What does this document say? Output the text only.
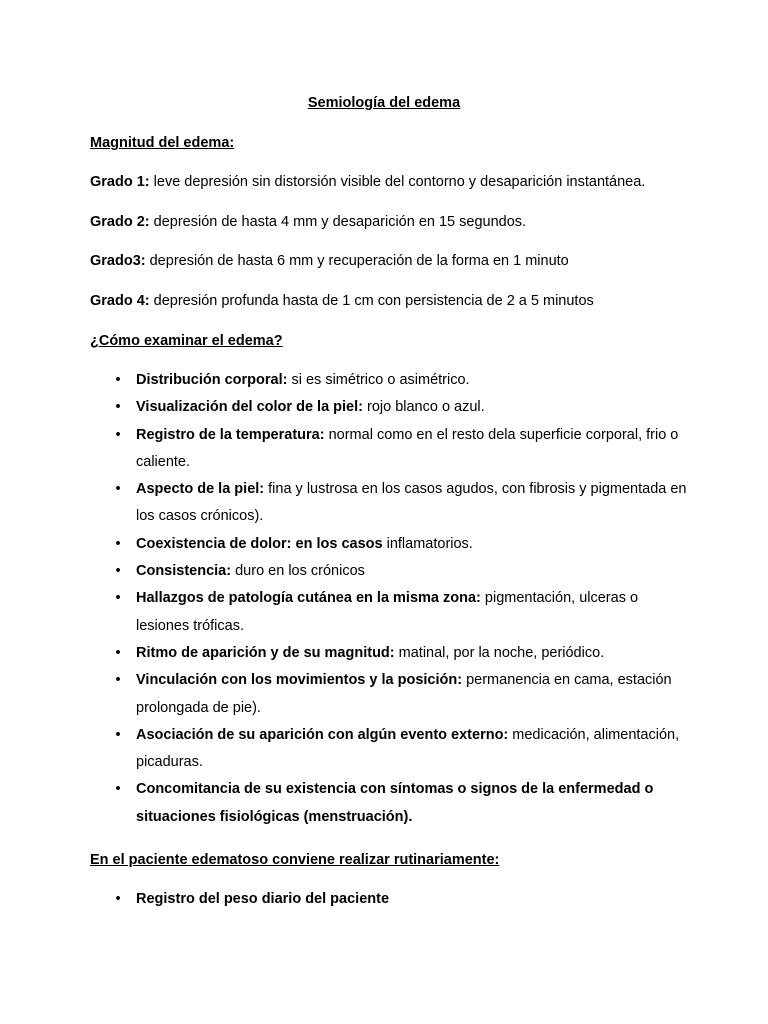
Semiología del edema
Magnitud del edema:
Grado 1: leve depresión sin distorsión visible del contorno y desaparición instantánea.
Grado 2: depresión de hasta 4 mm y desaparición en 15 segundos.
Grado3: depresión de hasta 6 mm y recuperación de la forma en 1 minuto
Grado 4: depresión profunda hasta de 1 cm con persistencia de 2 a 5 minutos
¿Cómo examinar el edema?
• Distribución corporal: si es simétrico o asimétrico.
• Visualización del color de la piel: rojo blanco o azul.
• Registro de la temperatura: normal como en el resto dela superficie corporal, frio o caliente.
• Aspecto de la piel: fina y lustrosa en los casos agudos, con fibrosis y pigmentada en los casos crónicos).
• Coexistencia de dolor: en los casos inflamatorios.
• Consistencia: duro en los crónicos
• Hallazgos de patología cutánea en la misma zona: pigmentación, ulceras o lesiones tróficas.
• Ritmo de aparición y de su magnitud: matinal, por la noche, periódico.
• Vinculación con los movimientos y la posición: permanencia en cama, estación prolongada de pie).
• Asociación de su aparición con algún evento externo: medicación, alimentación, picaduras.
• Concomitancia de su existencia con síntomas o signos de la enfermedad o situaciones fisiológicas (menstruación).
En el paciente edematoso conviene realizar rutinariamente:
• Registro del peso diario del paciente
